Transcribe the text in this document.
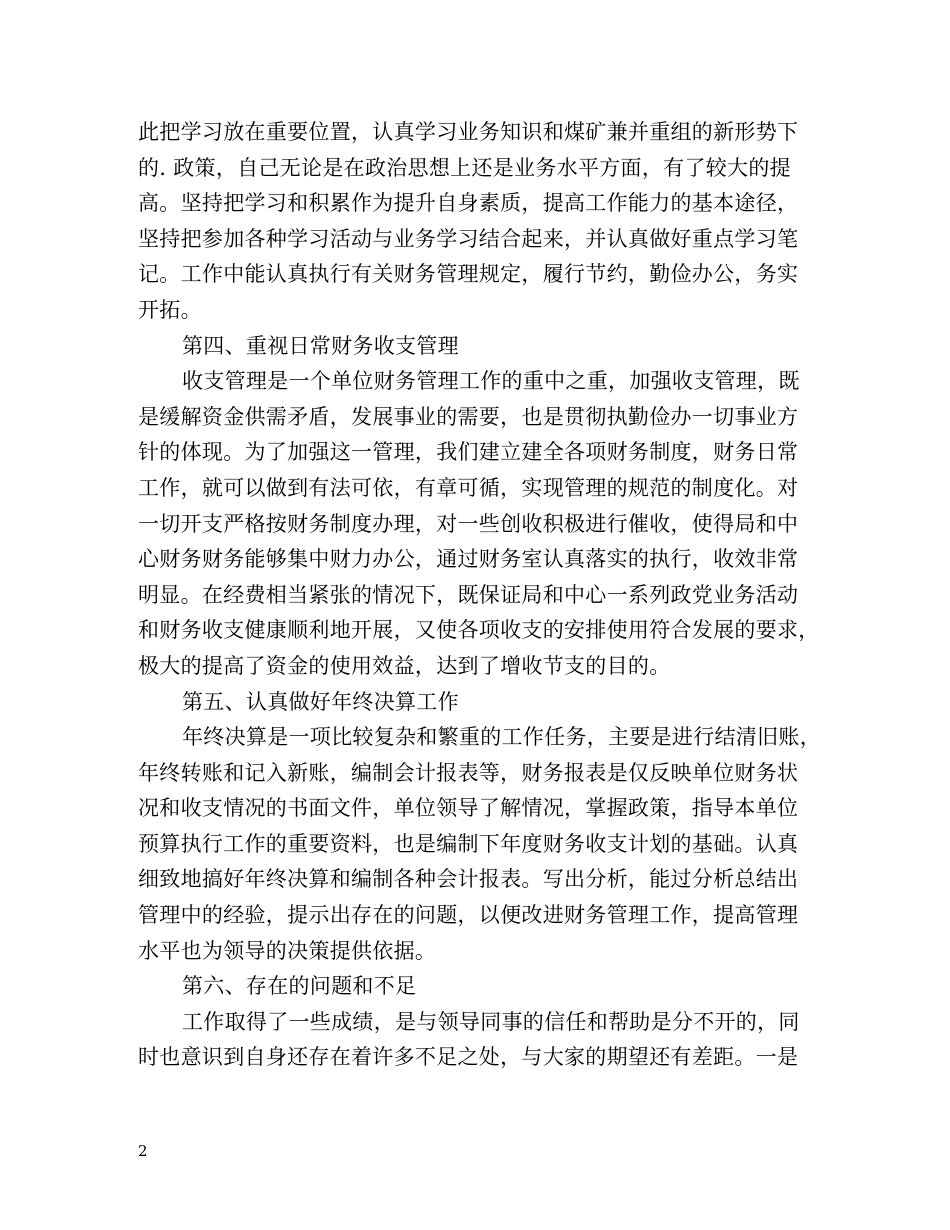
此把学习放在重要位置，认真学习业务知识和煤矿兼并重组的新形势下
的. 政策，自己无论是在政治思想上还是业务水平方面，有了较大的提
高。坚持把学习和积累作为提升自身素质，提高工作能力的基本途径，
坚持把参加各种学习活动与业务学习结合起来，并认真做好重点学习笔
记。工作中能认真执行有关财务管理规定，履行节约，勤俭办公，务实
开拓。
第四、重视日常财务收支管理
收支管理是一个单位财务管理工作的重中之重，加强收支管理，既
是缓解资金供需矛盾，发展事业的需要，也是贯彻执勤俭办一切事业方
针的体现。为了加强这一管理，我们建立建全各项财务制度，财务日常
工作，就可以做到有法可依，有章可循，实现管理的规范的制度化。对
一切开支严格按财务制度办理，对一些创收积极进行催收，使得局和中
心财务财务能够集中财力办公，通过财务室认真落实的执行，收效非常
明显。在经费相当紧张的情况下，既保证局和中心一系列政党业务活动
和财务收支健康顺利地开展，又使各项收支的安排使用符合发展的要求，
极大的提高了资金的使用效益，达到了增收节支的目的。
第五、认真做好年终决算工作
年终决算是一项比较复杂和繁重的工作任务，主要是进行结清旧账，
年终转账和记入新账，编制会计报表等，财务报表是仅反映单位财务状
况和收支情况的书面文件，单位领导了解情况，掌握政策，指导本单位
预算执行工作的重要资料，也是编制下年度财务收支计划的基础。认真
细致地搞好年终决算和编制各种会计报表。写出分析，能过分析总结出
管理中的经验，提示出存在的问题，以便改进财务管理工作，提高管理
水平也为领导的决策提供依据。
第六、存在的问题和不足
工作取得了一些成绩，是与领导同事的信任和帮助是分不开的，同
时也意识到自身还存在着许多不足之处，与大家的期望还有差距。一是
2
